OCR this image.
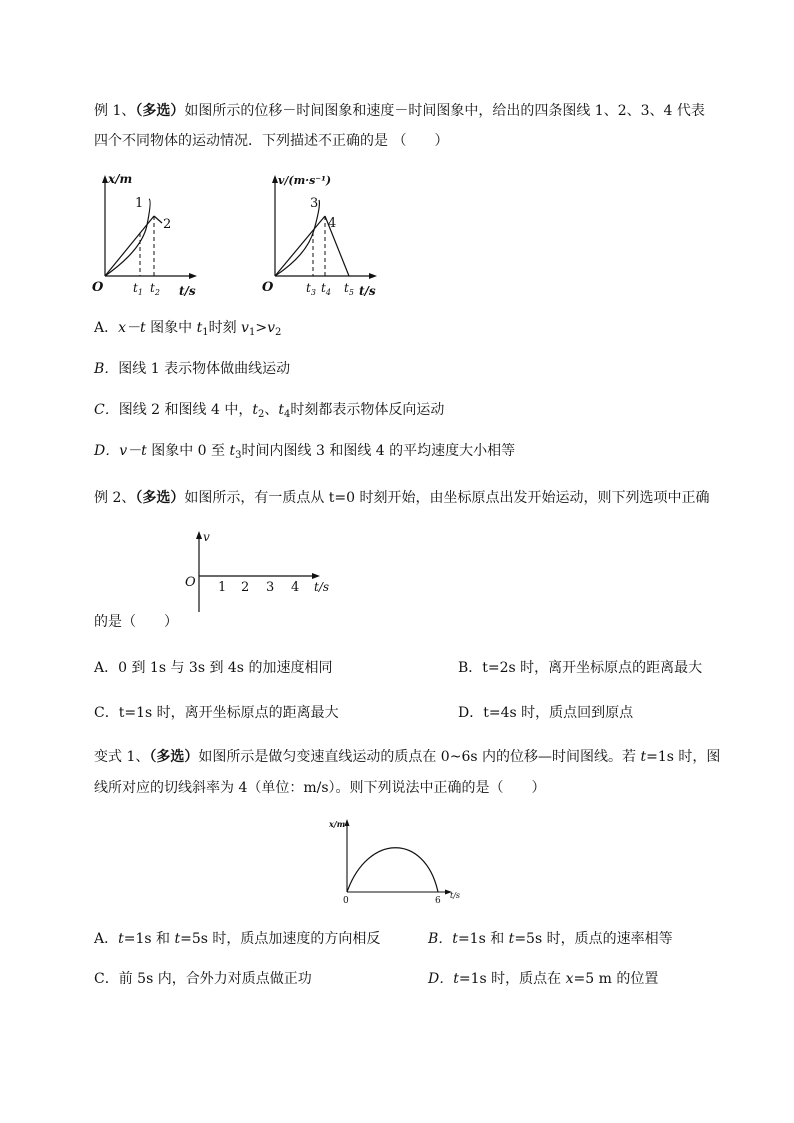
例 1、（多选）如图所示的位移－时间图象和速度－时间图象中，给出的四条图线 1、2、3、4 代表
四个不同物体的运动情况．下列描述不正确的是 （　　）
x/m
O	t/s
1
2
$t_1$ $t_2$
v/(m·s⁻¹)
O	t/s
3
4
$t_3$ $t_4$ $t_5$
A．x－t 图象中 $t_1$时刻 $v_1>v_2$
B．图线 1 表示物体做曲线运动
C．图线 2 和图线 4 中，$t_2$、$t_4$时刻都表示物体反向运动
D．v－t 图象中 0 至 $t_3$时间内图线 3 和图线 4 的平均速度大小相等
例 2、（多选）如图所示，有一质点从 t=0 时刻开始，由坐标原点出发开始运动，则下列选项中正确
v
O 1 2 3 4 t/s
的是（　　）
A．0 到 1s 与 3s 到 4s 的加速度相同	B．t=2s 时，离开坐标原点的距离最大
C．t=1s 时，离开坐标原点的距离最大	D．t=4s 时，质点回到原点
变式 1、（多选）如图所示是做匀变速直线运动的质点在 0~6s 内的位移—时间图线。若 t=1s 时，图
线所对应的切线斜率为 4（单位：m/s）。则下列说法中正确的是（　　）
x/m
0	6
t/s
A．t=1s 和 t=5s 时，质点加速度的方向相反	B．t=1s 和 t=5s 时，质点的速率相等
C．前 5s 内，合外力对质点做正功	D．t=1s 时，质点在 x=5 m 的位置
